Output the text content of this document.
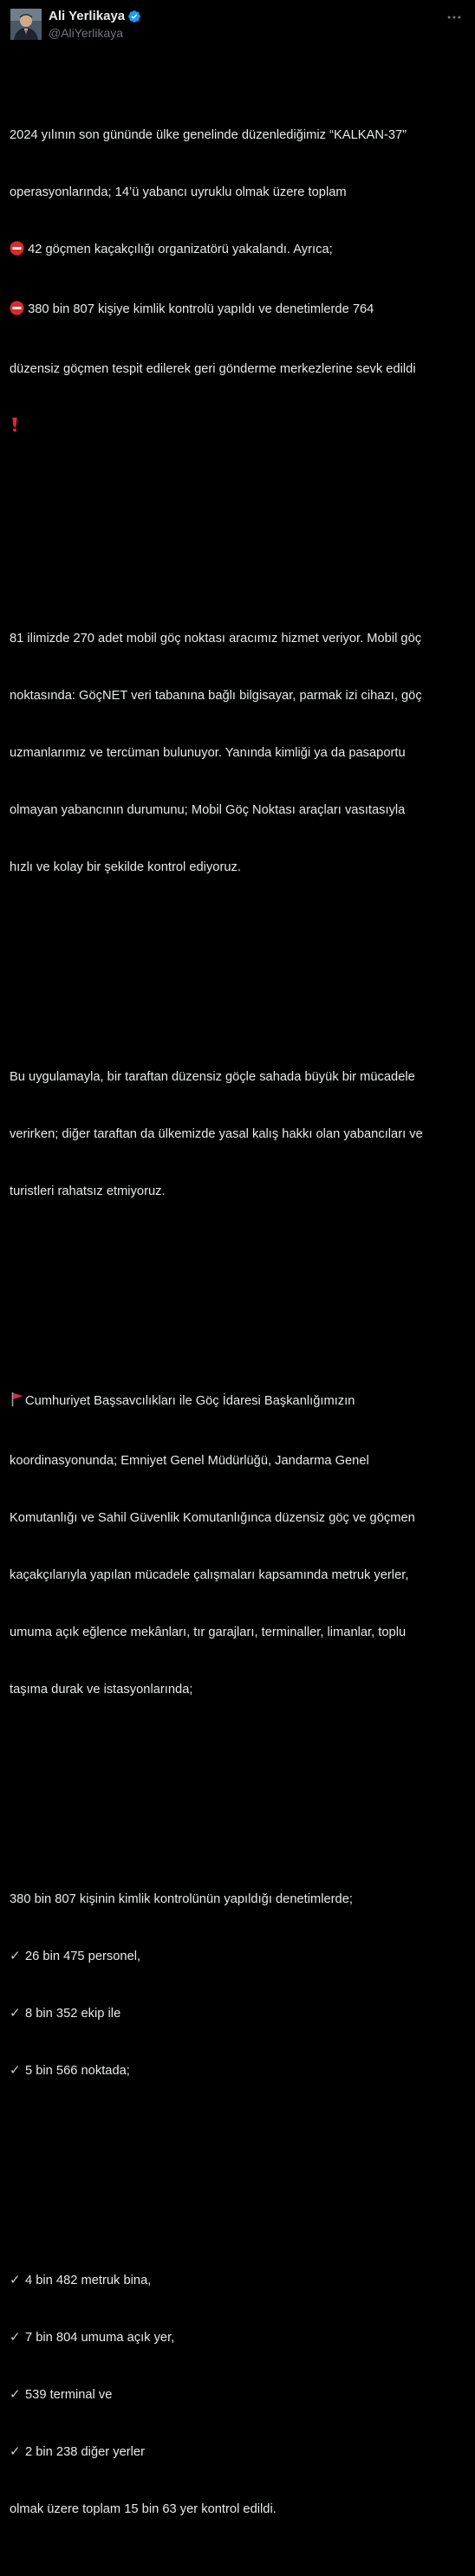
Ali Yerlikaya
@AliYerlikaya

2024 yılının son gününde ülke genelinde düzenlediğimiz “KALKAN-37”

operasyonlarında; 14’ü yabancı uyruklu olmak üzere toplam

42 göçmen kaçakçılığı organizatörü yakalandı. Ayrıca;

380 bin 807 kişiye kimlik kontrolü yapıldı ve denetimlerde 764

düzensiz göçmen tespit edilerek geri gönderme merkezlerine sevk edildi

81 ilimizde 270 adet mobil göç noktası aracımız hizmet veriyor. Mobil göç

noktasında: GöçNET veri tabanına bağlı bilgisayar, parmak izi cihazı, göç

uzmanlarımız ve tercüman bulunuyor. Yanında kimliği ya da pasaportu

olmayan yabancının durumunu; Mobil Göç Noktası araçları vasıtasıyla

hızlı ve kolay bir şekilde kontrol ediyoruz.

Bu uygulamayla, bir taraftan düzensiz göçle sahada büyük bir mücadele

verirken; diğer taraftan da ülkemizde yasal kalış hakkı olan yabancıları ve

turistleri rahatsız etmiyoruz.

Cumhuriyet Başsavcılıkları ile Göç İdaresi Başkanlığımızın

koordinasyonunda; Emniyet Genel Müdürlüğü, Jandarma Genel

Komutanlığı ve Sahil Güvenlik Komutanlığınca düzensiz göç ve göçmen

kaçakçılarıyla yapılan mücadele çalışmaları kapsamında metruk yerler,

umuma açık eğlence mekânları, tır garajları, terminaller, limanlar, toplu

taşıma durak ve istasyonlarında;

380 bin 807 kişinin kimlik kontrolünün yapıldığı denetimlerde;

✓ 26 bin 475 personel,

✓ 8 bin 352 ekip ile

✓ 5 bin 566 noktada;

✓ 4 bin 482 metruk bina,

✓ 7 bin 804 umuma açık yer,

✓ 539 terminal ve

✓ 2 bin 238 diğer yerler

olmak üzere toplam 15 bin 63 yer kontrol edildi.
